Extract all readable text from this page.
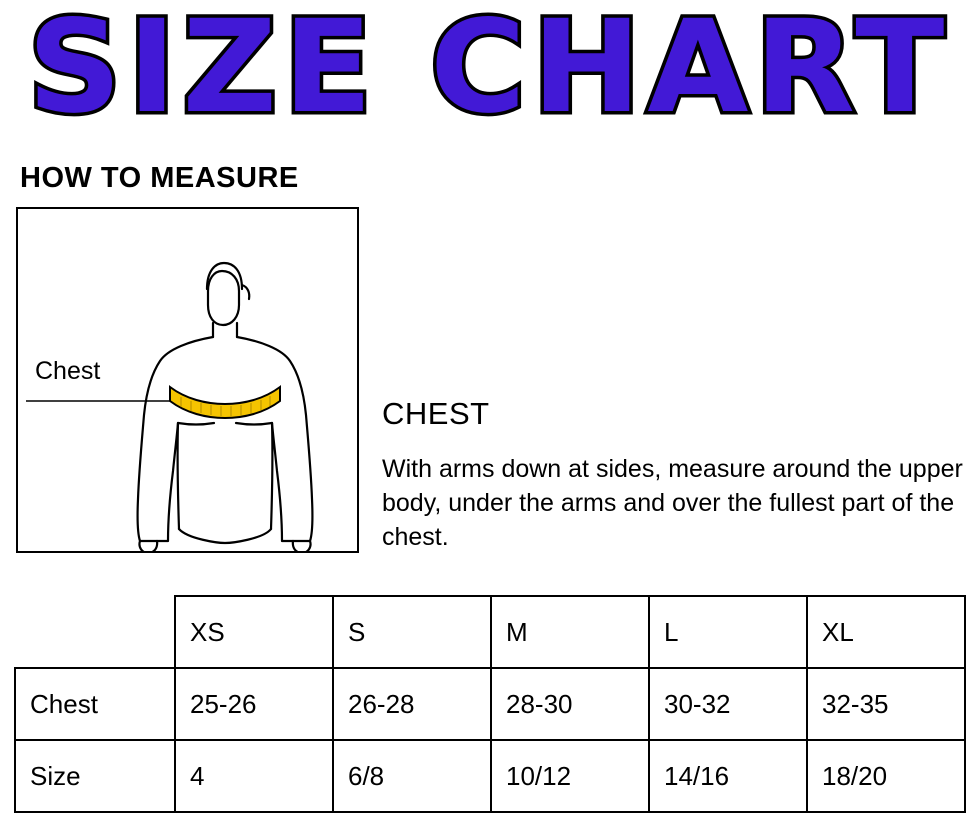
SIZE CHART
HOW TO MEASURE
Chest
CHEST
With arms down at sides, measure around the upper body, under the arms and over the fullest part of the chest.
	XS	S	M	L	XL
Chest	25-26	26-28	28-30	30-32	32-35
Size	4	6/8	10/12	14/16	18/20
